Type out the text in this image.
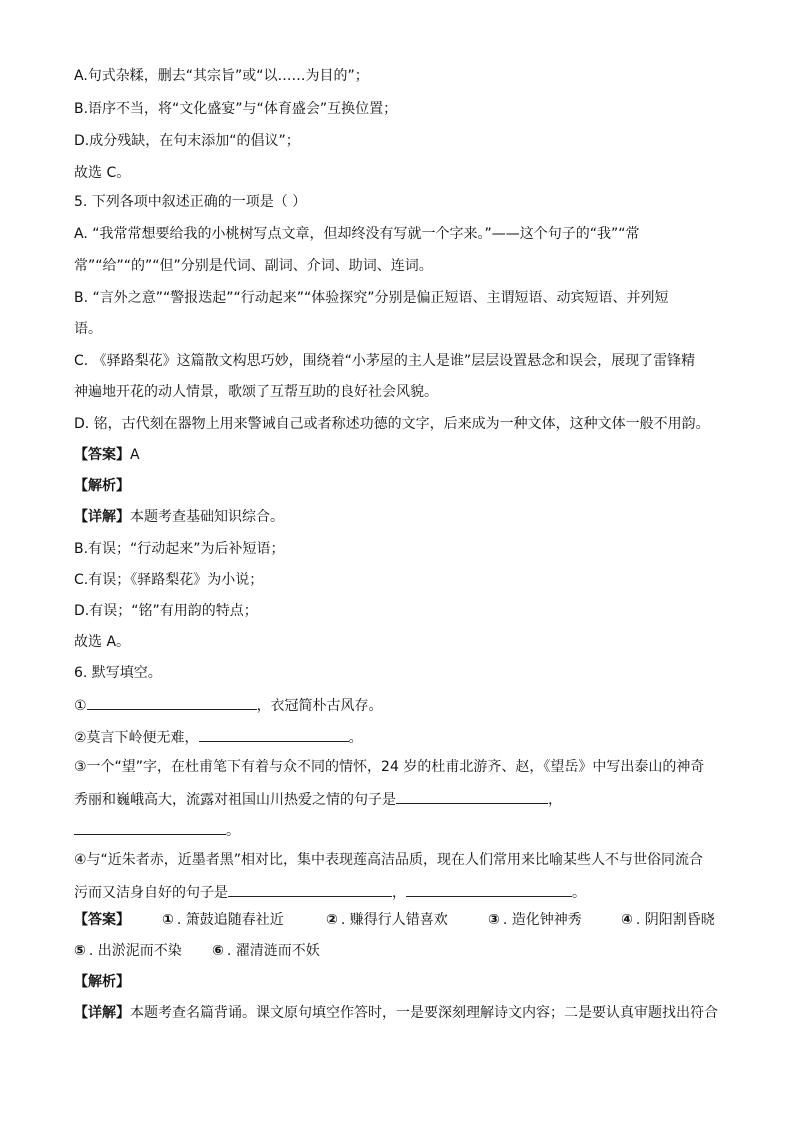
A.句式杂糅，删去“其宗旨”或“以……为目的”；
B.语序不当，将“文化盛宴”与“体育盛会”互换位置；
D.成分残缺，在句末添加“的倡议”；
故选 C。
5. 下列各项中叙述正确的一项是（ ）
A. “我常常想要给我的小桃树写点文章，但却终没有写就一个字来。”——这个句子的“我”“常
常”“给”“的”“但”分别是代词、副词、介词、助词、连词。
B. “言外之意”“警报迭起”“行动起来”“体验探究”分别是偏正短语、主谓短语、动宾短语、并列短
语。
C. 《驿路梨花》这篇散文构思巧妙，围绕着“小茅屋的主人是谁”层层设置悬念和误会，展现了雷锋精
神遍地开花的动人情景，歌颂了互帮互助的良好社会风貌。
D. 铭，古代刻在器物上用来警诫自己或者称述功德的文字，后来成为一种文体，这种文体一般不用韵。
【答案】A
【解析】
【详解】本题考查基础知识综合。
B.有误；“行动起来”为后补短语；
C.有误；《驿路梨花》为小说；
D.有误；“铭”有用韵的特点；
故选 A。
6. 默写填空。
①	，衣冠简朴古风存。
②莫言下岭便无难，	。
③一个“望”字，在杜甫笔下有着与众不同的情怀，24 岁的杜甫北游齐、赵，《望岳》中写出泰山的神奇
秀丽和巍峨高大，流露对祖国山川热爱之情的句子是	，
。
④与“近朱者赤，近墨者黑”相对比，集中表现莲高洁品质，现在人们常用来比喻某些人不与世俗同流合
污而又洁身自好的句子是	，	。
【答案】 ① . 箫鼓追随春社近	② . 赚得行人错喜欢	③ . 造化钟神秀	④ . 阴阳割昏晓
⑤ . 出淤泥而不染 ⑥ . 濯清涟而不妖
【解析】
【详解】本题考查名篇背诵。课文原句填空作答时，一是要深刻理解诗文内容；二是要认真审题找出符合
